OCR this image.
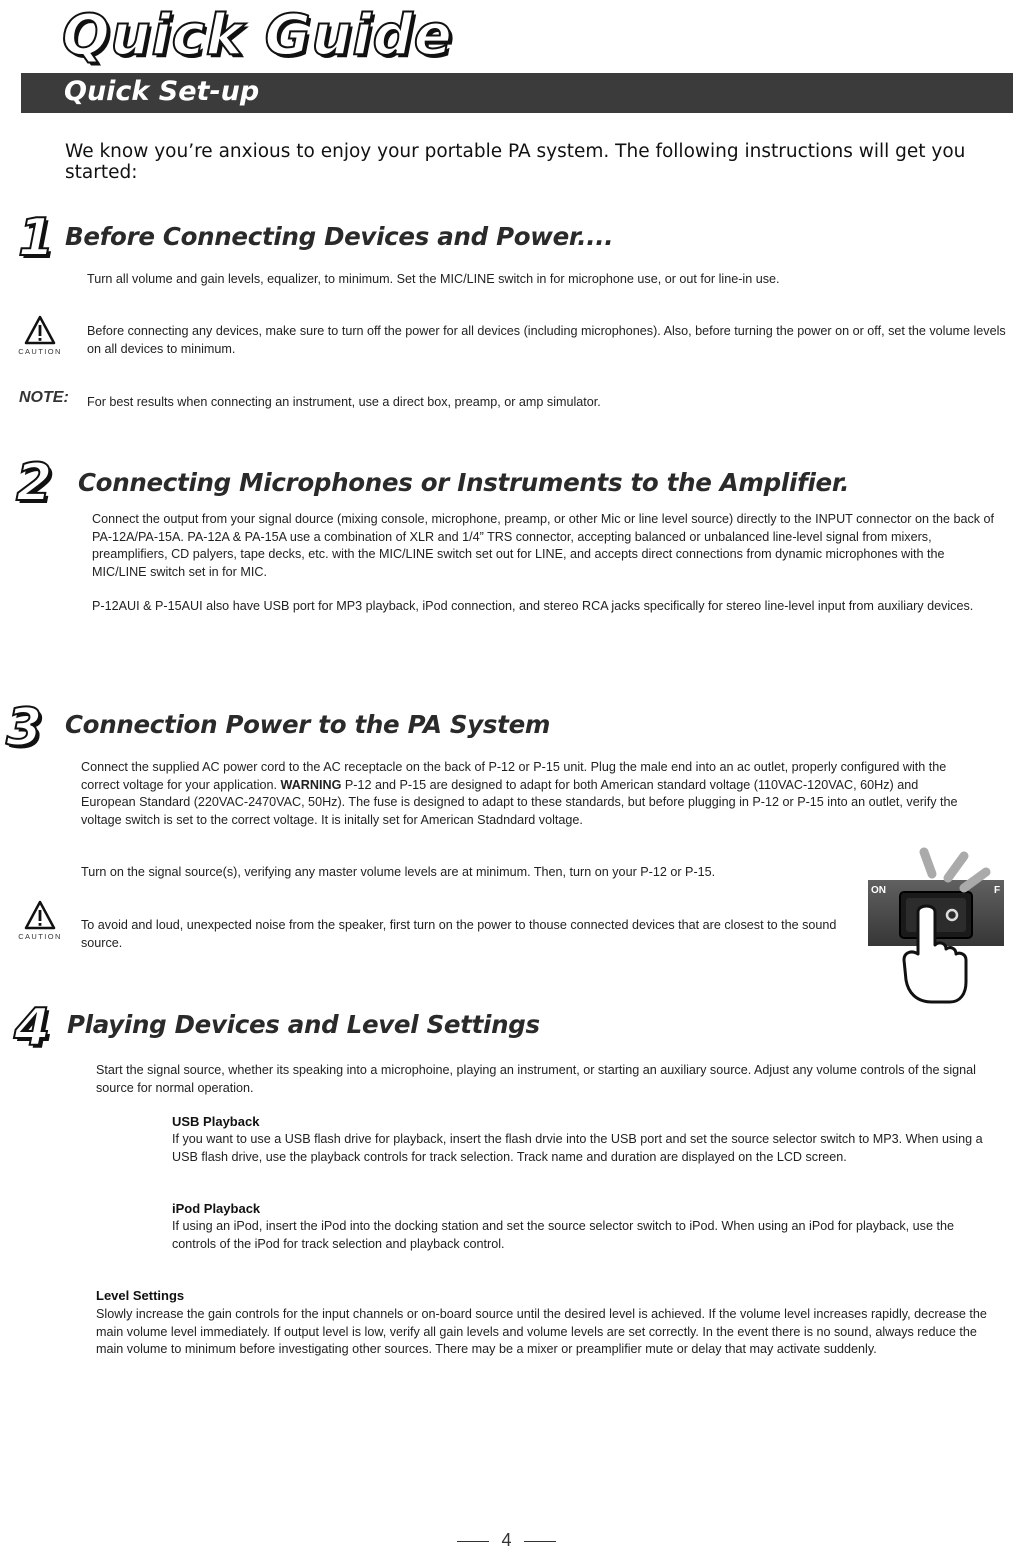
Quick Guide
Quick Set-up
We know you’re anxious to enjoy your portable PA system. The following instructions will get you started:
1 Before Connecting Devices and Power....
Turn all volume and gain levels, equalizer, to minimum. Set the MIC/LINE switch in for microphone use, or out for line-in use.
CAUTION
Before connecting any devices, make sure to turn off the power for all devices (including microphones). Also, before turning the power on or off, set the volume levels on all devices to minimum.
NOTE: For best results when connecting an instrument, use a direct box, preamp, or amp simulator.
2 Connecting Microphones or Instruments to the Amplifier.
Connect the output from your signal dource (mixing console, microphone, preamp, or other Mic or line level source) directly to the INPUT connector on the back of PA-12A/PA-15A. PA-12A & PA-15A use a combination of XLR and 1/4” TRS connector, accepting balanced or unbalanced line-level signal from mixers, preamplifiers, CD palyers, tape decks, etc. with the MIC/LINE switch set out for LINE, and accepts direct connections from dynamic microphones with the MIC/LINE switch set in for MIC.
P-12AUI & P-15AUI also have USB port for MP3 playback, iPod connection, and stereo RCA jacks specifically for stereo line-level input from auxiliary devices.
3 Connection Power to the PA System
Connect the supplied AC power cord to the AC receptacle on the back of P-12 or P-15 unit. Plug the male end into an ac outlet, properly configured with the correct voltage for your application. WARNING P-12 and P-15 are designed to adapt for both American standard voltage (110VAC-120VAC, 60Hz) and European Standard (220VAC-2470VAC, 50Hz). The fuse is designed to adapt to these standards, but before plugging in P-12 or P-15 into an outlet, verify the voltage switch is set to the correct voltage. It is initally set for American Stadndard voltage.
Turn on the signal source(s), verifying any master volume levels are at minimum. Then, turn on your P-12 or P-15.
CAUTION
To avoid and loud, unexpected noise from the speaker, first turn on the power to thouse connected devices that are closest to the sound source.
ON	F
4 Playing Devices and Level Settings
Start the signal source, whether its speaking into a microphoine, playing an instrument, or starting an auxiliary source. Adjust any volume controls of the signal source for normal operation.
USB Playback
If you want to use a USB flash drive for playback, insert the flash drvie into the USB port and set the source selector switch to MP3. When using a USB flash drive, use the playback controls for track selection. Track name and duration are displayed on the LCD screen.
iPod Playback
If using an iPod, insert the iPod into the docking station and set the source selector switch to iPod. When using an iPod for playback, use the controls of the iPod for track selection and playback control.
Level Settings
Slowly increase the gain controls for the input channels or on-board source until the desired level is achieved. If the volume level increases rapidly, decrease the main volume level immediately. If output level is low, verify all gain levels and volume levels are set correctly. In the event there is no sound, always reduce the main volume to minimum before investigating other sources. There may be a mixer or preamplifier mute or delay that may activate suddenly.
4
